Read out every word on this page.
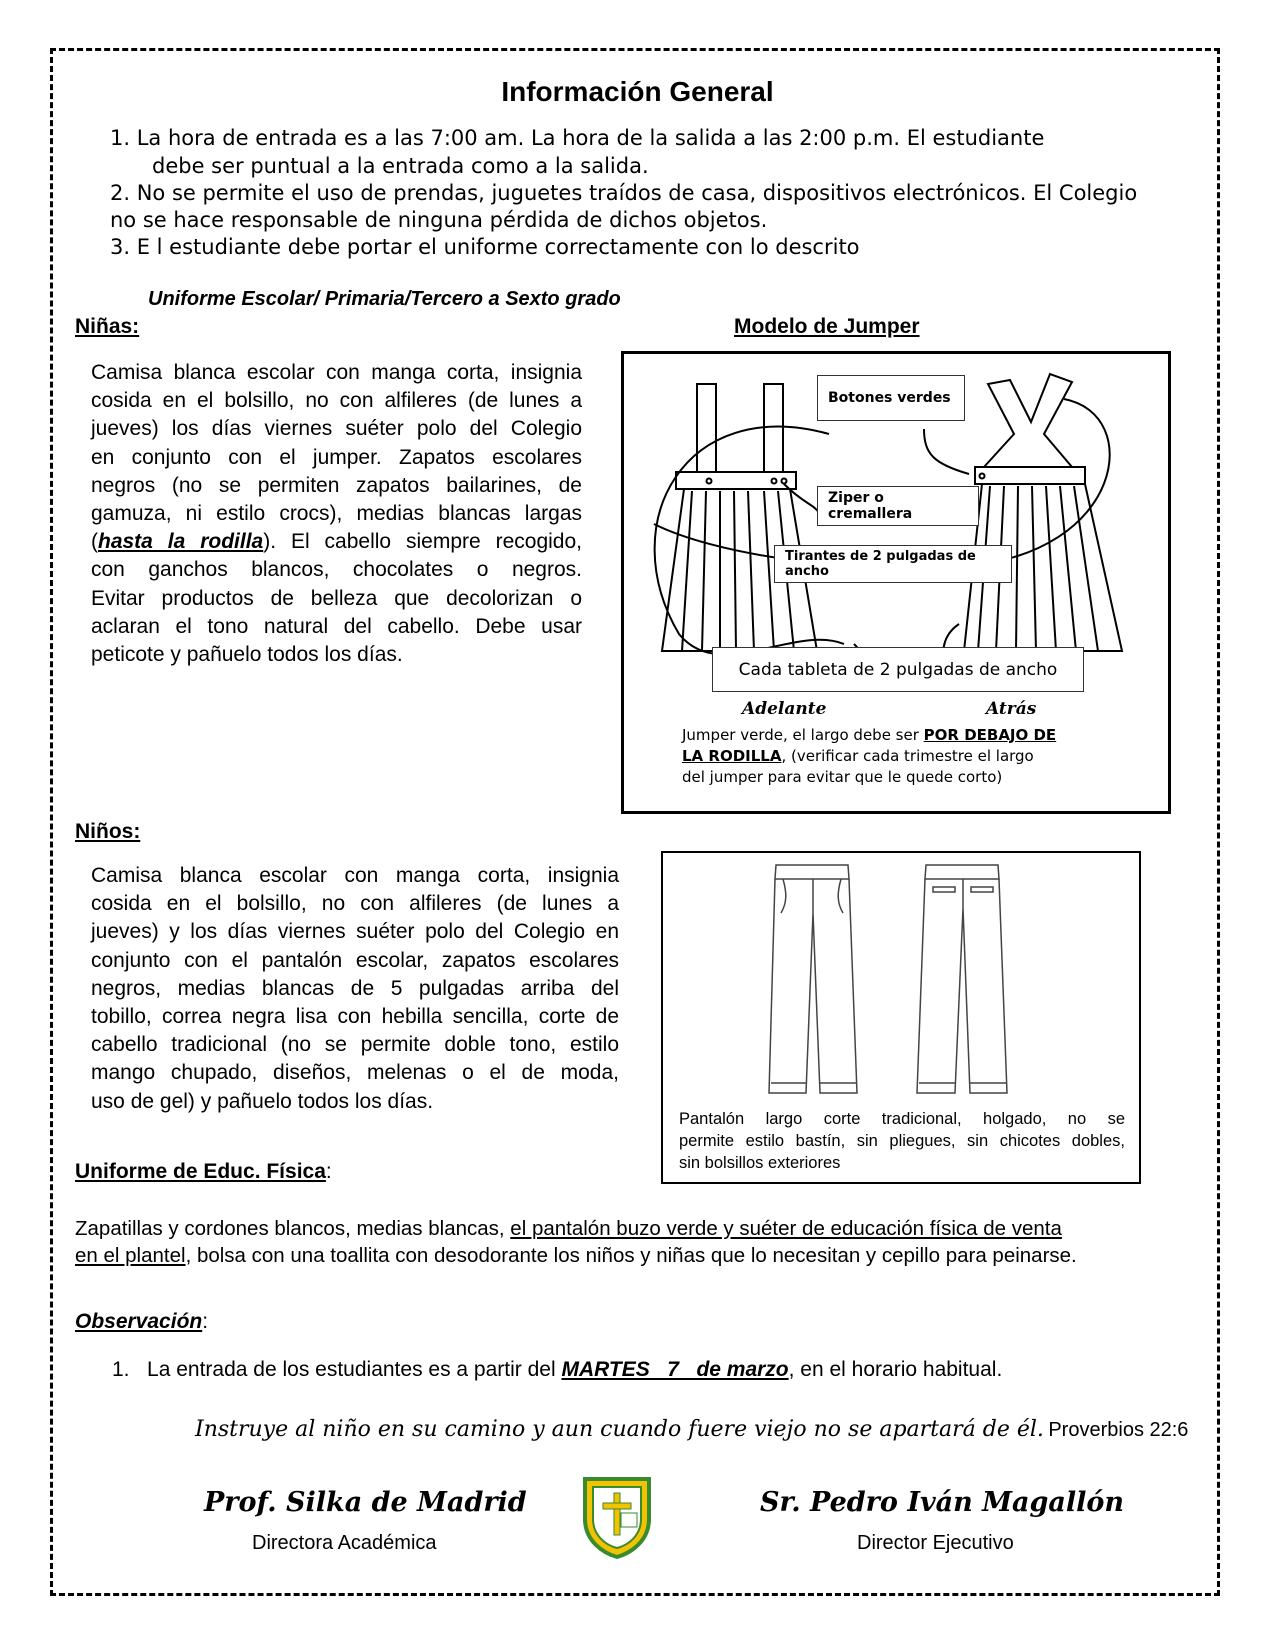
Información General
1. La hora de entrada es a las 7:00 am. La hora de la salida a las 2:00 p.m. El estudiante
debe ser puntual a la entrada como a la salida.
2. No se permite el uso de prendas, juguetes traídos de casa, dispositivos electrónicos. El Colegio
no se hace responsable de ninguna pérdida de dichos objetos.
3. E l estudiante debe portar el uniforme correctamente con lo descrito
Uniforme Escolar/ Primaria/Tercero a Sexto grado
Niñas:
Camisa blanca escolar con manga corta, insignia
cosida en el bolsillo, no con alfileres (de lunes a
jueves) los días viernes suéter polo del Colegio
en conjunto con el jumper. Zapatos escolares
negros (no se permiten zapatos bailarines, de
gamuza, ni estilo crocs), medias blancas largas
(hasta la rodilla). El cabello siempre recogido,
con ganchos blancos, chocolates o negros.
Evitar productos de belleza que decolorizan o
aclaran el tono natural del cabello. Debe usar
peticote y pañuelo todos los días.
Modelo de Jumper
Botones verdes
Ziper o cremallera
Tirantes de 2 pulgadas de ancho
Cada tableta de 2 pulgadas de ancho
Adelante	Atrás
Jumper verde, el largo debe ser POR DEBAJO DE
LA RODILLA, (verificar cada trimestre el largo
del jumper para evitar que le quede corto)
Niños:
Camisa blanca escolar con manga corta, insignia
cosida en el bolsillo, no con alfileres (de lunes a
jueves) y los días viernes suéter polo del Colegio en
conjunto con el pantalón escolar, zapatos escolares
negros, medias blancas de 5 pulgadas arriba del
tobillo, correa negra lisa con hebilla sencilla, corte de
cabello tradicional (no se permite doble tono, estilo
mango chupado, diseños, melenas o el de moda,
uso de gel) y pañuelo todos los días.
Pantalón largo corte tradicional, holgado, no se
permite estilo bastín, sin pliegues, sin chicotes dobles,
sin bolsillos exteriores
Uniforme de Educ. Física:
Zapatillas y cordones blancos, medias blancas, el pantalón buzo verde y suéter de educación física de venta
en el plantel, bolsa con una toallita con desodorante los niños y niñas que lo necesitan y cepillo para peinarse.
Observación:
1. La entrada de los estudiantes es a partir del MARTES   7   de marzo, en el horario habitual.
Instruye al niño en su camino y aun cuando fuere viejo no se apartará de él. Proverbios 22:6
Prof. Silka de Madrid
Directora Académica
Sr. Pedro Iván Magallón
Director Ejecutivo
